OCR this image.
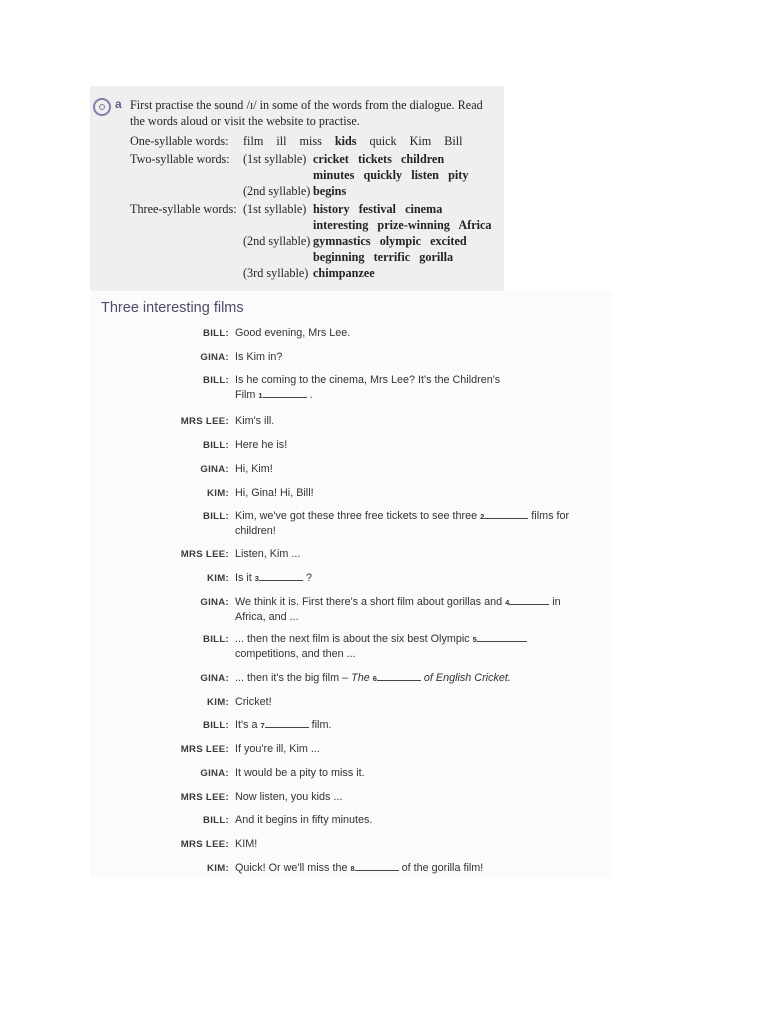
a First practise the sound /ɪ/ in some of the words from the dialogue. Read the words aloud or visit the website to practise.
One-syllable words: film ill miss kids quick Kim Bill
Two-syllable words: (1st syllable) cricket   tickets   children
minutes   quickly   listen   pity
(2nd syllable) begins
Three-syllable words: (1st syllable) history   festival   cinema
interesting   prize-winning   Africa
(2nd syllable) gymnastics   olympic   excited
beginning   terrific   gorilla
(3rd syllable) chimpanzee
Three interesting films
BILL: Good evening, Mrs Lee.
GINA: Is Kim in?
BILL: Is he coming to the cinema, Mrs Lee? It's the Children's
Film 1	.
MRS LEE: Kim's ill.
BILL: Here he is!
GINA: Hi, Kim!
KIM: Hi, Gina! Hi, Bill!
BILL: Kim, we've got these three free tickets to see three 2	films for
children!
MRS LEE: Listen, Kim ...
KIM: Is it 3	?
GINA: We think it is. First there's a short film about gorillas and 4	in
Africa, and ...
BILL: ... then the next film is about the six best Olympic 5
competitions, and then ...
GINA: ... then it's the big film – The 6	of English Cricket.
KIM: Cricket!
BILL: It's a 7	film.
MRS LEE: If you're ill, Kim ...
GINA: It would be a pity to miss it.
MRS LEE: Now listen, you kids ...
BILL: And it begins in fifty minutes.
MRS LEE: KIM!
KIM: Quick! Or we'll miss the 8	of the gorilla film!
